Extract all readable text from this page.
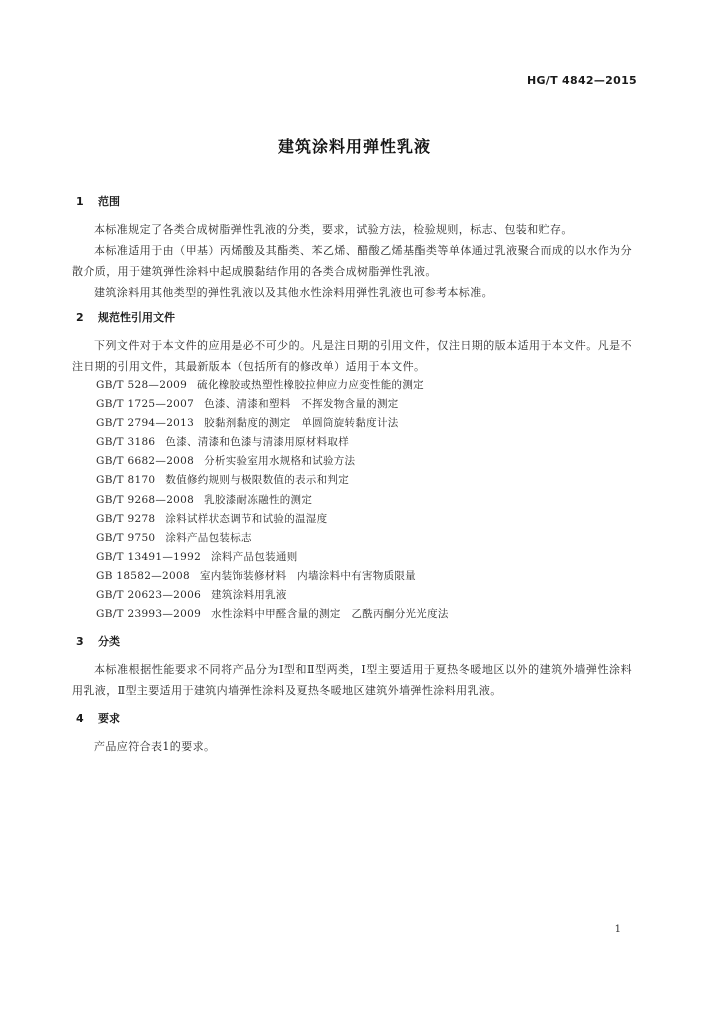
HG/T 4842—2015
建筑涂料用弹性乳液
1 范围
本标准规定了各类合成树脂弹性乳液的分类，要求，试验方法，检验规则，标志、包装和贮存。
本标准适用于由（甲基）丙烯酸及其酯类、苯乙烯、醋酸乙烯基酯类等单体通过乳液聚合而成的以水作为分散介质，用于建筑弹性涂料中起成膜黏结作用的各类合成树脂弹性乳液。
建筑涂料用其他类型的弹性乳液以及其他水性涂料用弹性乳液也可参考本标准。
2 规范性引用文件
下列文件对于本文件的应用是必不可少的。凡是注日期的引用文件，仅注日期的版本适用于本文件。凡是不注日期的引用文件，其最新版本（包括所有的修改单）适用于本文件。
GB/T 528—2009 硫化橡胶或热塑性橡胶拉伸应力应变性能的测定
GB/T 1725—2007 色漆、清漆和塑料　不挥发物含量的测定
GB/T 2794—2013 胶黏剂黏度的测定　单圆筒旋转黏度计法
GB/T 3186 色漆、清漆和色漆与清漆用原材料取样
GB/T 6682—2008 分析实验室用水规格和试验方法
GB/T 8170 数值修约规则与极限数值的表示和判定
GB/T 9268—2008 乳胶漆耐冻融性的测定
GB/T 9278 涂料试样状态调节和试验的温湿度
GB/T 9750 涂料产品包装标志
GB/T 13491—1992 涂料产品包装通则
GB 18582—2008 室内装饰装修材料　内墙涂料中有害物质限量
GB/T 20623—2006 建筑涂料用乳液
GB/T 23993—2009 水性涂料中甲醛含量的测定　乙酰丙酮分光光度法
3 分类
本标准根据性能要求不同将产品分为Ⅰ型和Ⅱ型两类，Ⅰ型主要适用于夏热冬暖地区以外的建筑外墙弹性涂料用乳液，Ⅱ型主要适用于建筑内墙弹性涂料及夏热冬暖地区建筑外墙弹性涂料用乳液。
4 要求
产品应符合表1的要求。
1
